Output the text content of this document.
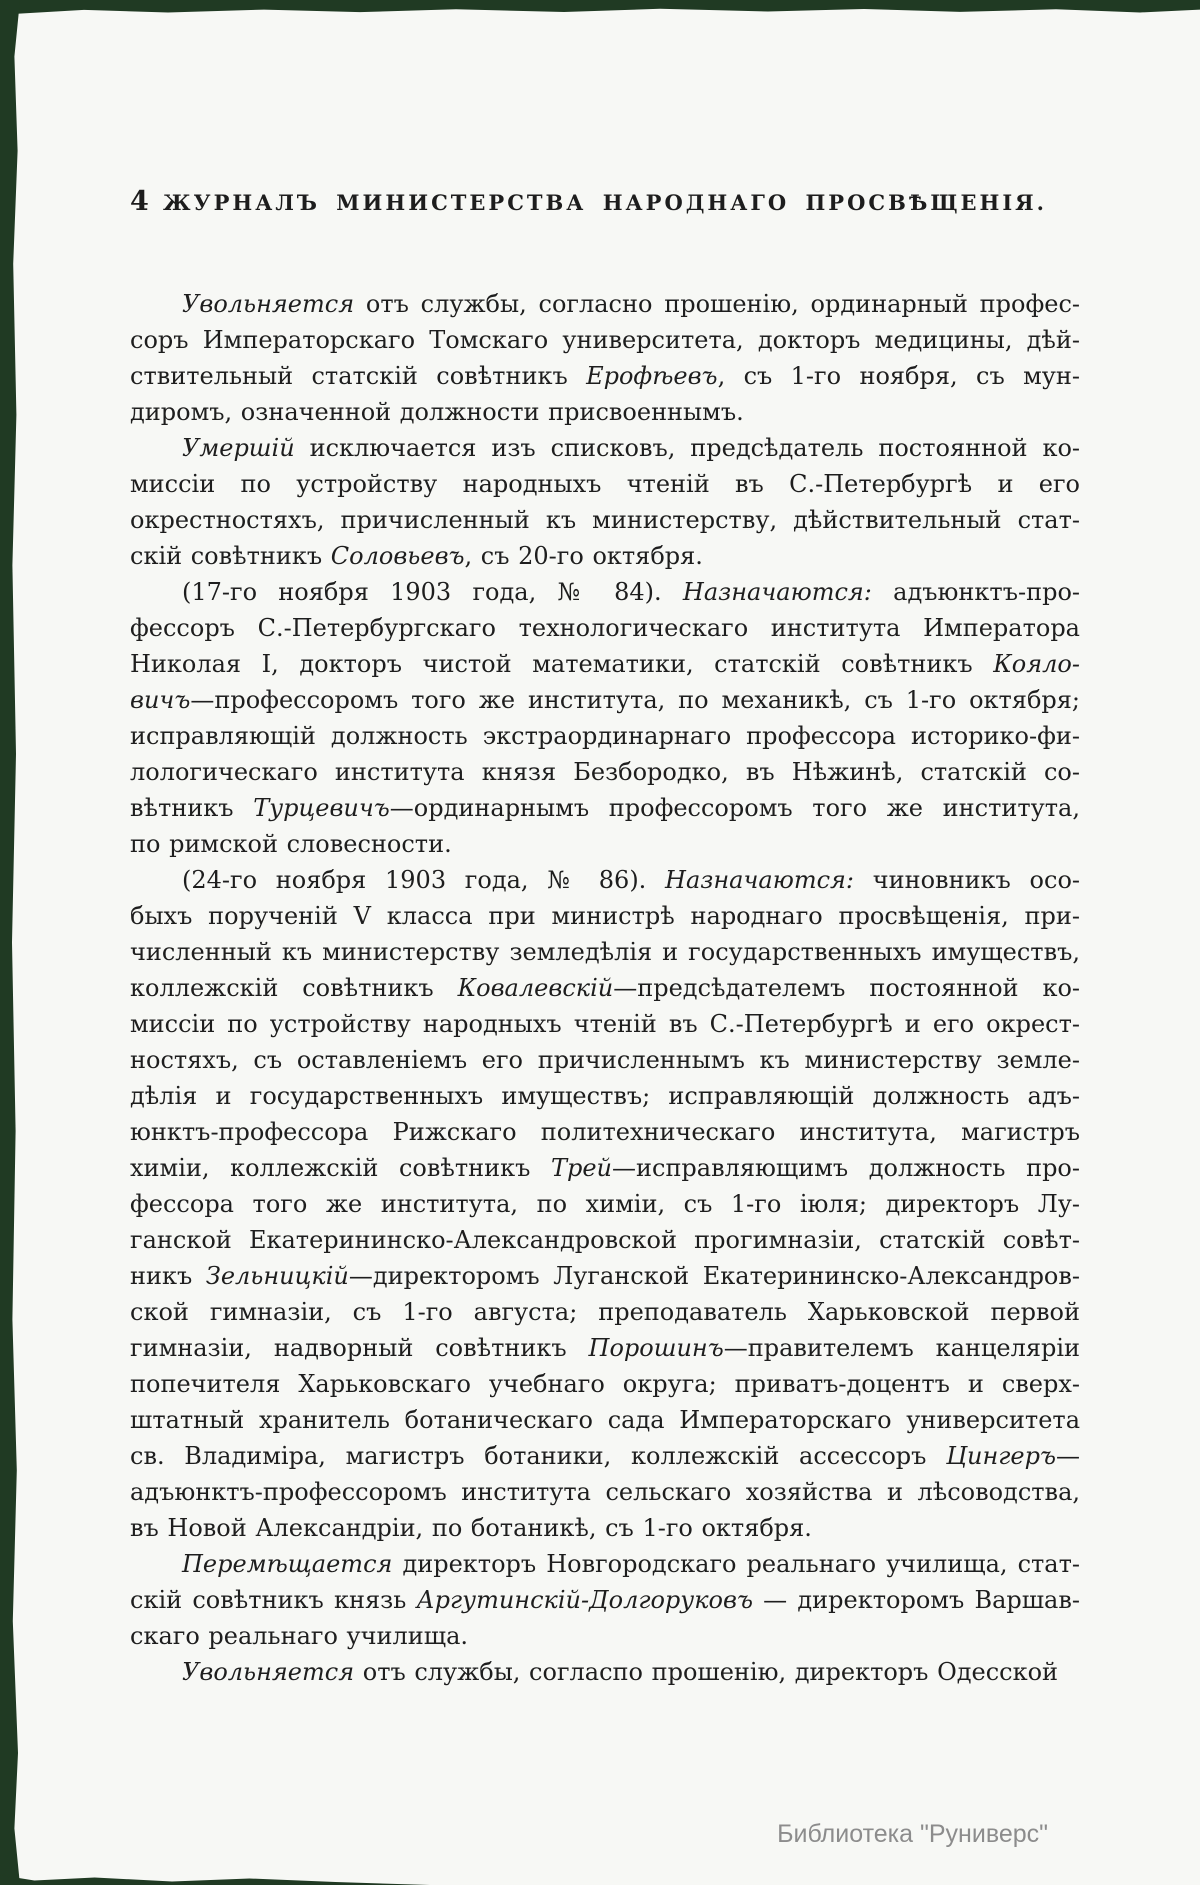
4 ЖУРНАЛЪ МИНИСТЕРСТВА НАРОДНАГО ПРОСВѢЩЕНІЯ.
Увольняется отъ службы, согласно прошенію, ординарный профес-
соръ Императорскаго Томскаго университета, докторъ медицины, дѣй-
ствительный статскій совѣтникъ Ерофѣевъ, съ 1-го ноября, съ мун-
диромъ, означенной должности присвоеннымъ.
Умершій исключается изъ списковъ, предсѣдатель постоянной ко-
миссіи по устройству народныхъ чтеній въ С.-Петербургѣ и его
окрестностяхъ, причисленный къ министерству, дѣйствительный стат-
скій совѣтникъ Соловьевъ, съ 20-го октября.
(17-го ноября 1903 года, № 84). Назначаются: адъюнктъ-про-
фессоръ С.-Петербургскаго технологическаго института Императора
Николая I, докторъ чистой математики, статскій совѣтникъ Кояло-
вичъ—профессоромъ того же института, по механикѣ, съ 1-го октября;
исправляющій должность экстраординарнаго профессора историко-фи-
лологическаго института князя Безбородко, въ Нѣжинѣ, статскій со-
вѣтникъ Турцевичъ—ординарнымъ профессоромъ того же института,
по римской словесности.
(24-го ноября 1903 года, № 86). Назначаются: чиновникъ осо-
быхъ порученій V класса при министрѣ народнаго просвѣщенія, при-
численный къ министерству земледѣлія и государственныхъ имуществъ,
коллежскій совѣтникъ Ковалевскій—предсѣдателемъ постоянной ко-
миссіи по устройству народныхъ чтеній въ С.-Петербургѣ и его окрест-
ностяхъ, съ оставленіемъ его причисленнымъ къ министерству земле-
дѣлія и государственныхъ имуществъ; исправляющій должность адъ-
юнктъ-профессора Рижскаго политехническаго института, магистръ
химіи, коллежскій совѣтникъ Трей—исправляющимъ должность про-
фессора того же института, по химіи, съ 1-го іюля; директоръ Лу-
ганской Екатерининско-Александровской прогимназіи, статскій совѣт-
никъ Зельницкій—директоромъ Луганской Екатерининско-Александров-
ской гимназіи, съ 1-го августа; преподаватель Харьковской первой
гимназіи, надворный совѣтникъ Порошинъ—правителемъ канцеляріи
попечителя Харьковскаго учебнаго округа; приватъ-доцентъ и сверх-
штатный хранитель ботаническаго сада Императорскаго университета
св. Владиміра, магистръ ботаники, коллежскій ассессоръ Цингеръ—
адъюнктъ-профессоромъ института сельскаго хозяйства и лѣсоводства,
въ Новой Александріи, по ботаникѣ, съ 1-го октября.
Перемѣщается директоръ Новгородскаго реальнаго училища, стат-
скій совѣтникъ князь Аргутинскій-Долгоруковъ — директоромъ Варшав-
скаго реальнаго училища.
Увольняется отъ службы, согласпо прошенію, директоръ Одесской
Библиотека "Руниверс"
